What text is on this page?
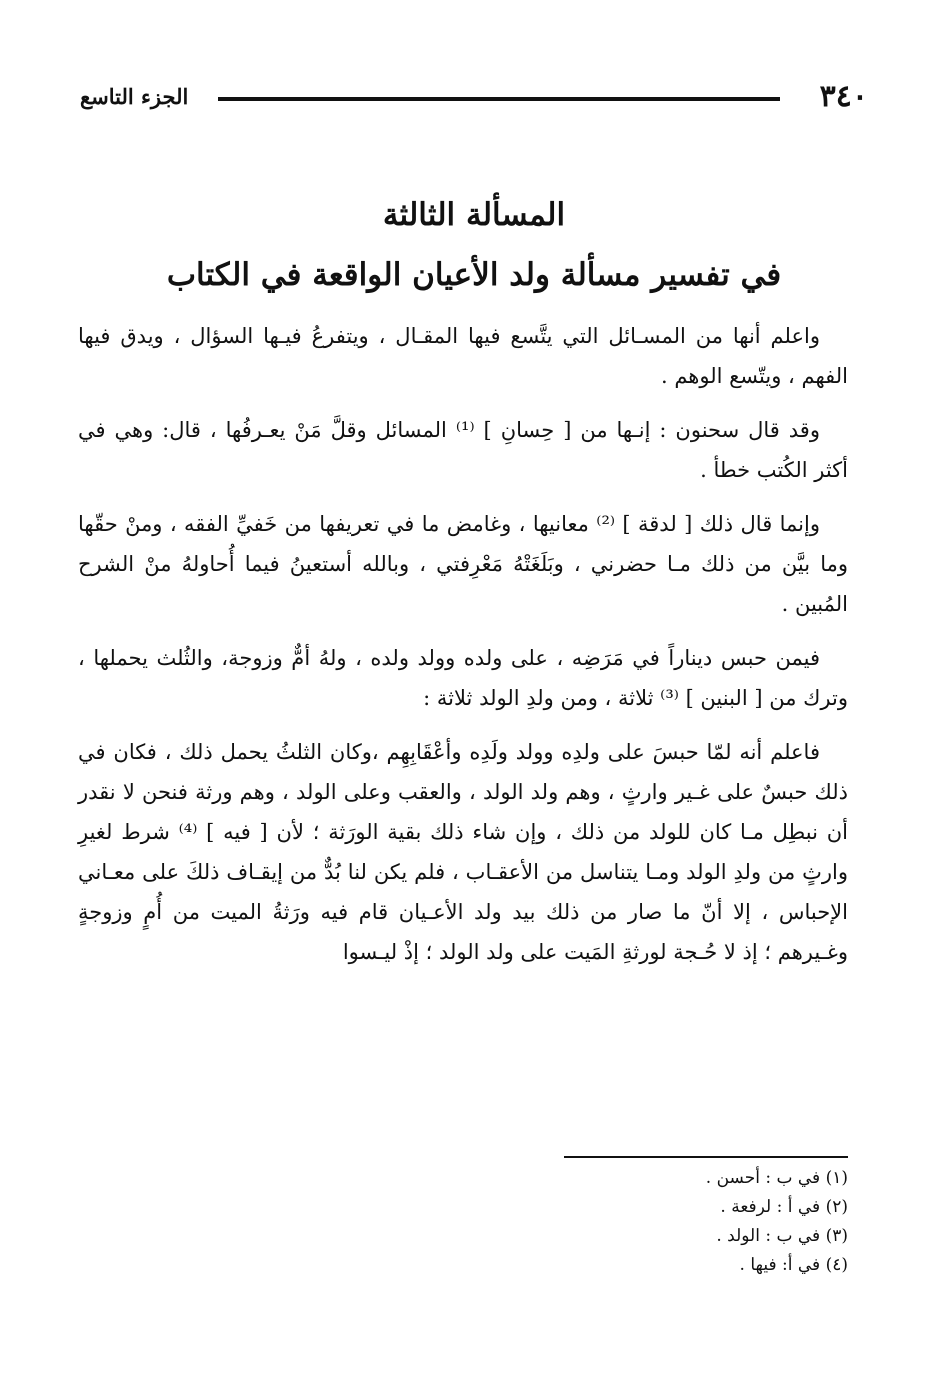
٣٤٠
الجزء التاسع
المسألة الثالثة
في تفسير مسألة ولد الأعيان الواقعة في الكتاب

واعلم أنها من المسـائل التي يتَّسع فيها المقـال ، ويتفرعُ فيـها السؤال ، ويدق فيها الفهم ، ويتّسع الوهم .

وقد قال سحنون : إنـها من [ حِسانِ ] ⁽¹⁾ المسائل وقلَّ مَنْ يعـرفُها ، قال: وهي في أكثر الكُتب خطأ .

وإنما قال ذلك [ لدقة ] ⁽²⁾ معانيها ، وغامض ما في تعريفها من خَفيِّ الفقه ، ومنْ حقّها وما بيَّن من ذلك مـا حضرني ، وبَلَغَتْهُ مَعْرِفتي ، وبالله أستعينُ فيما أُحاولهُ منْ الشرح المُبين .

فيمن حبس ديناراً في مَرَضِه ، على ولده وولد ولده ، ولهُ أمٌّ وزوجة، والثُلث يحملها ، وترك من [ البنين ] ⁽³⁾ ثلاثة ، ومن ولدِ الولد ثلاثة :

فاعلم أنه لمّا حبسَ على ولدِه وولد ولَدِه وأعْقَابِهِم ،وكان الثلثُ يحمل ذلك ، فكان في ذلك حبسٌ على غـير وارثٍ ، وهم ولد الولد ، والعقب وعلى الولد ، وهم ورثة فنحن لا نقدر أن نبطِل مـا كان للولد من ذلك ، وإن شاء ذلك بقية الورَثة ؛ لأن [ فيه ] ⁽⁴⁾ شرط لغيرِ وارثٍ من ولدِ الولد ومـا يتناسل من الأعقـاب ، فلم يكن لنا بُدٌّ من إيقـاف ذلكَ على معـاني الإحباس ، إلا أنّ ما صار من ذلك بيد ولد الأعـيان قام فيه ورَثةُ الميت من أُمٍ وزوجةٍ وغـيرهم ؛ إذ لا حُـجة لورثةِ المَيت على ولد الولد ؛ إذْ ليـسوا

(١) في ب : أحسن .
(٢) في أ : لرفعة .
(٣) في ب : الولد .
(٤) في أ: فيها .
